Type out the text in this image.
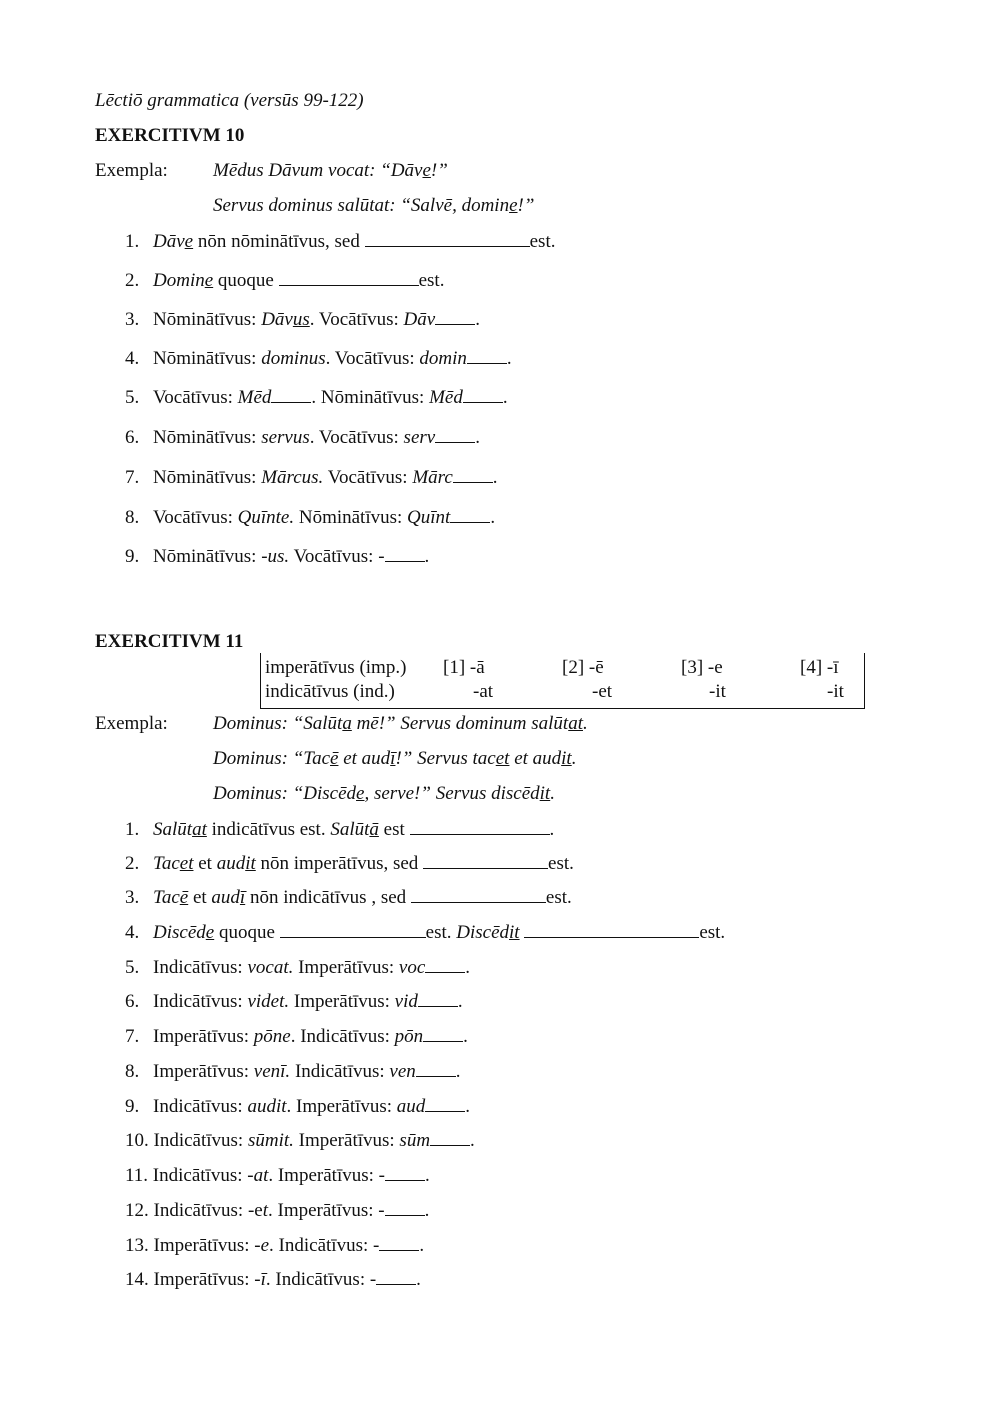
Lēctiō grammatica (versūs 99-122)
EXERCITIVM 10
Exempla: Mēdus Dāvum vocat: “Dāve!”
Servus dominus salūtat: “Salvē, domine!”
1. Dāve nōn nōminātīvus, sed	est.
2. Domine quoque	est.
3. Nōminātīvus: Dāvus. Vocātīvus: Dāv .
4. Nōminātīvus: dominus. Vocātīvus: domin .
5. Vocātīvus: Mēd . Nōminātīvus: Mēd .
6. Nōminātīvus: servus. Vocātīvus: serv .
7. Nōminātīvus: Mārcus. Vocātīvus: Mārc .
8. Vocātīvus: Quīnte. Nōminātīvus: Quīnt .
9. Nōminātīvus: -us. Vocātīvus: - .
EXERCITIVM 11
imperātīvus (imp.) [1] -ā	[2] -ē	[3] -e	[4] -ī
indicātīvus (ind.)	-at	-et	-it	-it
Exempla: Dominus: “Salūta mē!” Servus dominum salūtat.
Dominus: “Tacē et audī!” Servus tacet et audit.
Dominus: “Discēde, serve!” Servus discēdit.
1. Salūtat indicātīvus est. Salūtā est	.
2. Tacet et audit nōn imperātīvus, sed	est.
3. Tacē et audī nōn indicātīvus , sed	est.
4. Discēde quoque	est. Discēdit	est.
5. Indicātīvus: vocat. Imperātīvus: voc .
6. Indicātīvus: videt. Imperātīvus: vid .
7. Imperātīvus: pōne. Indicātīvus: pōn .
8. Imperātīvus: venī. Indicātīvus: ven .
9. Indicātīvus: audit. Imperātīvus: aud .
10. Indicātīvus: sūmit. Imperātīvus: sūm .
11. Indicātīvus: -at. Imperātīvus: - .
12. Indicātīvus: -et. Imperātīvus: - .
13. Imperātīvus: -e. Indicātīvus: - .
14. Imperātīvus: -ī. Indicātīvus: - .
